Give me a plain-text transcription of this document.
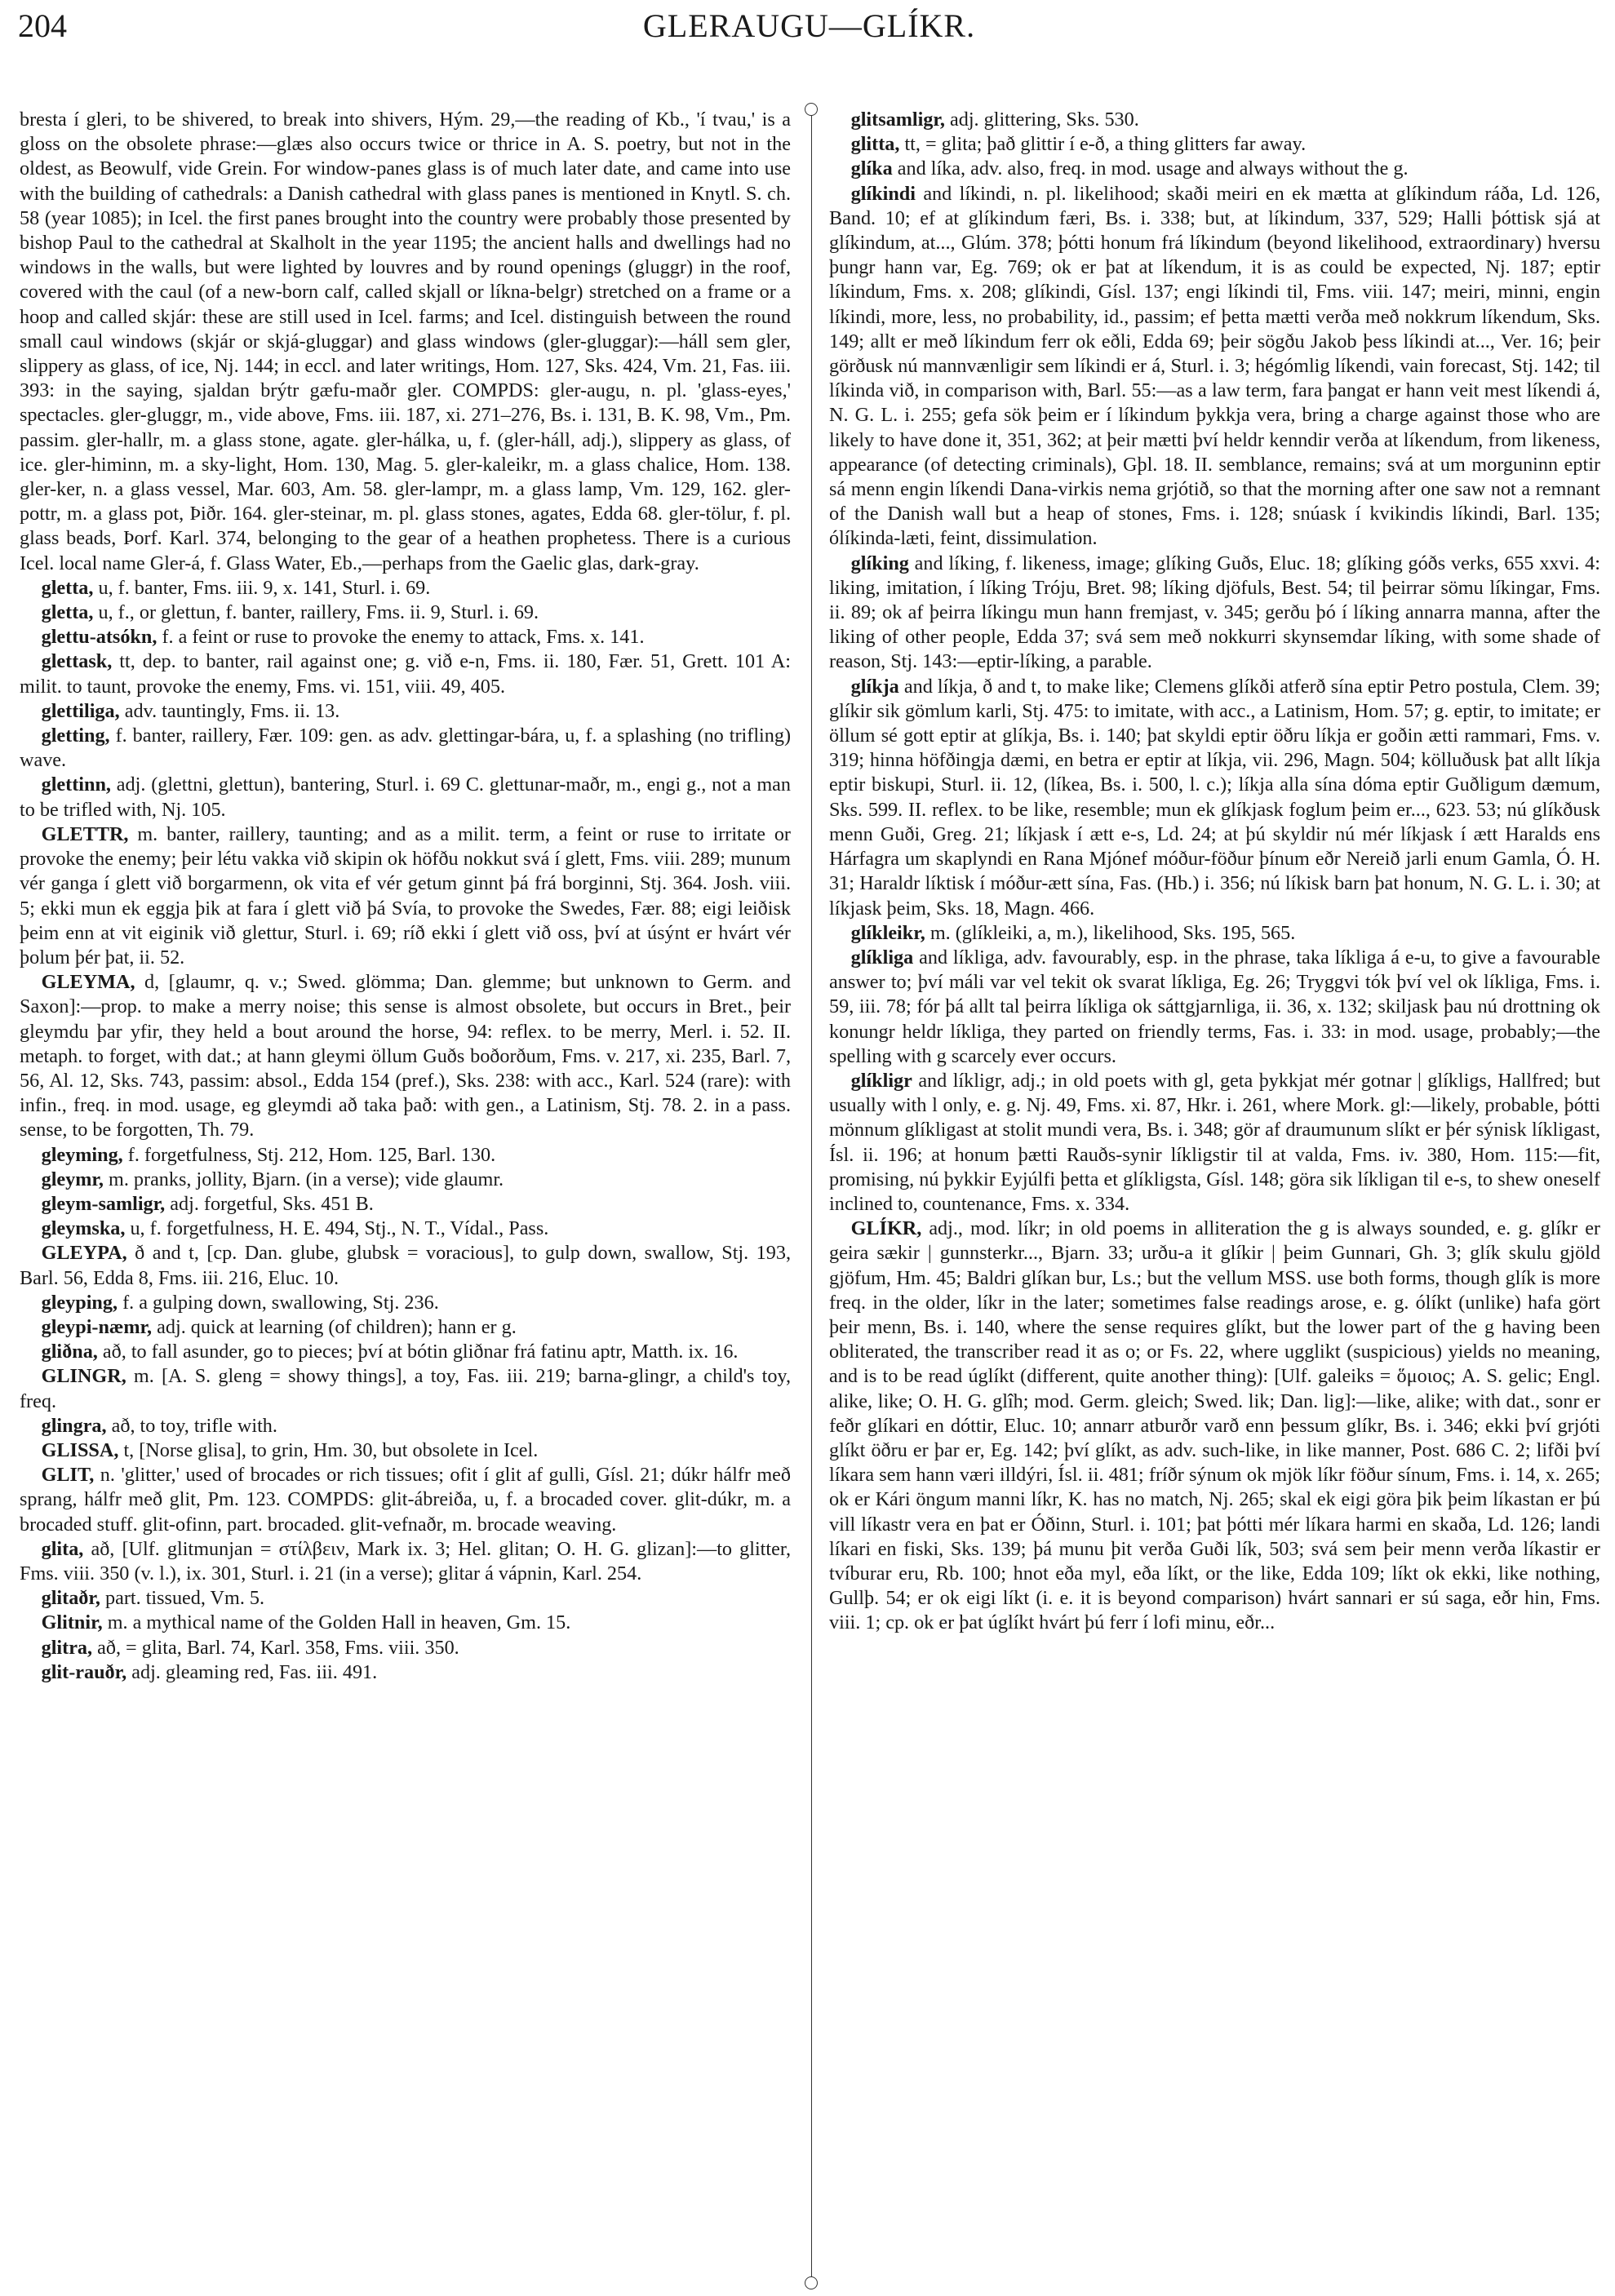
204	GLERAUGU—GLÍKR.

bresta í gleri, to be shivered, to break into shivers, Hým. 29,—the reading of Kb., 'í tvau,' is a gloss on the obsolete phrase:—glæs also occurs twice or thrice in A. S. poetry, but not in the oldest, as Beowulf, vide Grein. For window-panes glass is of much later date, and came into use with the building of cathedrals: a Danish cathedral with glass panes is mentioned in Knytl. S. ch. 58 (year 1085); in Icel. the first panes brought into the country were probably those presented by bishop Paul to the cathedral at Skalholt in the year 1195; the ancient halls and dwellings had no windows in the walls, but were lighted by louvres and by round openings (gluggr) in the roof, covered with the caul (of a new-born calf, called skjall or líkna-belgr) stretched on a frame or a hoop and called skjár: these are still used in Icel. farms; and Icel. distinguish between the round small caul windows (skjár or skjá-gluggar) and glass windows (gler-gluggar):—háll sem gler, slippery as glass, of ice, Nj. 144; in eccl. and later writings, Hom. 127, Sks. 424, Vm. 21, Fas. iii. 393: in the saying, sjaldan brýtr gæfu-maðr gler. COMPDS: gler-augu, n. pl. 'glass-eyes,' spectacles. gler-gluggr, m., vide above, Fms. iii. 187, xi. 271–276, Bs. i. 131, B. K. 98, Vm., Pm. passim. gler-hallr, m. a glass stone, agate. gler-hálka, u, f. (gler-háll, adj.), slippery as glass, of ice. gler-himinn, m. a sky-light, Hom. 130, Mag. 5. gler-kaleikr, m. a glass chalice, Hom. 138. gler-ker, n. a glass vessel, Mar. 603, Am. 58. gler-lampr, m. a glass lamp, Vm. 129, 162. gler-pottr, m. a glass pot, Þiðr. 164. gler-steinar, m. pl. glass stones, agates, Edda 68. gler-tölur, f. pl. glass beads, Þorf. Karl. 374, belonging to the gear of a heathen prophetess. There is a curious Icel. local name Gler-á, f. Glass Water, Eb.,—perhaps from the Gaelic glas, dark-gray.

gletta, u, f. banter, Fms. iii. 9, x. 141, Sturl. i. 69.

gletta, u, f., or glettun, f. banter, raillery, Fms. ii. 9, Sturl. i. 69.

glettu-atsókn, f. a feint or ruse to provoke the enemy to attack, Fms. x. 141.

glettask, tt, dep. to banter, rail against one; g. við e-n, Fms. ii. 180, Fær. 51, Grett. 101 A: milit. to taunt, provoke the enemy, Fms. vi. 151, viii. 49, 405.

glettiliga, adv. tauntingly, Fms. ii. 13.

gletting, f. banter, raillery, Fær. 109: gen. as adv. glettingar-bára, u, f. a splashing (no trifling) wave.

glettinn, adj. (glettni, glettun), bantering, Sturl. i. 69 C. glettunar-maðr, m., engi g., not a man to be trifled with, Nj. 105.

GLETTR, m. banter, raillery, taunting; and as a milit. term, a feint or ruse to irritate or provoke the enemy; þeir létu vakka við skipin ok höfðu nokkut svá í glett, Fms. viii. 289; munum vér ganga í glett við borgarmenn, ok vita ef vér getum ginnt þá frá borginni, Stj. 364. Josh. viii. 5; ekki mun ek eggja þik at fara í glett við þá Svía, to provoke the Swedes, Fær. 88; eigi leiðisk þeim enn at vit eiginik við glettur, Sturl. i. 69; ríð ekki í glett við oss, því at úsýnt er hvárt vér þolum þér þat, ii. 52.

GLEYMA, d, [glaumr, q. v.; Swed. glömma; Dan. glemme; but unknown to Germ. and Saxon]:—prop. to make a merry noise; this sense is almost obsolete, but occurs in Bret., þeir gleymdu þar yfir, they held a bout around the horse, 94: reflex. to be merry, Merl. i. 52. II. metaph. to forget, with dat.; at hann gleymi öllum Guðs boðorðum, Fms. v. 217, xi. 235, Barl. 7, 56, Al. 12, Sks. 743, passim: absol., Edda 154 (pref.), Sks. 238: with acc., Karl. 524 (rare): with infin., freq. in mod. usage, eg gleymdi að taka það: with gen., a Latinism, Stj. 78. 2. in a pass. sense, to be forgotten, Th. 79.

gleyming, f. forgetfulness, Stj. 212, Hom. 125, Barl. 130.

gleymr, m. pranks, jollity, Bjarn. (in a verse); vide glaumr.

gleym-samligr, adj. forgetful, Sks. 451 B.

gleymska, u, f. forgetfulness, H. E. 494, Stj., N. T., Vídal., Pass.

GLEYPA, ð and t, [cp. Dan. glube, glubsk = voracious], to gulp down, swallow, Stj. 193, Barl. 56, Edda 8, Fms. iii. 216, Eluc. 10.

gleyping, f. a gulping down, swallowing, Stj. 236.

gleypi-næmr, adj. quick at learning (of children); hann er g.

gliðna, að, to fall asunder, go to pieces; því at bótin gliðnar frá fatinu aptr, Matth. ix. 16.

GLINGR, m. [A. S. gleng = showy things], a toy, Fas. iii. 219; barna-glingr, a child's toy, freq.

glingra, að, to toy, trifle with.

GLISSA, t, [Norse glisa], to grin, Hm. 30, but obsolete in Icel.

GLIT, n. 'glitter,' used of brocades or rich tissues; ofit í glit af gulli, Gísl. 21; dúkr hálfr með sprang, hálfr með glit, Pm. 123. COMPDS: glit-ábreiða, u, f. a brocaded cover. glit-dúkr, m. a brocaded stuff. glit-ofinn, part. brocaded. glit-vefnaðr, m. brocade weaving.

glita, að, [Ulf. glitmunjan = στίλβειν, Mark ix. 3; Hel. glitan; O. H. G. glizan]:—to glitter, Fms. viii. 350 (v. l.), ix. 301, Sturl. i. 21 (in a verse); glitar á vápnin, Karl. 254.

glitaðr, part. tissued, Vm. 5.

Glitnir, m. a mythical name of the Golden Hall in heaven, Gm. 15.

glitra, að, = glita, Barl. 74, Karl. 358, Fms. viii. 350.

glit-rauðr, adj. gleaming red, Fas. iii. 491.

glitsamligr, adj. glittering, Sks. 530.

glitta, tt, = glita; það glittir í e-ð, a thing glitters far away.

glíka and líka, adv. also, freq. in mod. usage and always without the g.

glíkindi and líkindi, n. pl. likelihood; skaði meiri en ek mætta at glíkindum ráða, Ld. 126, Band. 10; ef at glíkindum færi, Bs. i. 338; but, at líkindum, 337, 529; Halli þóttisk sjá at glíkindum, at..., Glúm. 378; þótti honum frá líkindum (beyond likelihood, extraordinary) hversu þungr hann var, Eg. 769; ok er þat at líkendum, it is as could be expected, Nj. 187; eptir líkindum, Fms. x. 208; glíkindi, Gísl. 137; engi líkindi til, Fms. viii. 147; meiri, minni, engin líkindi, more, less, no probability, id., passim; ef þetta mætti verða með nokkrum líkendum, Sks. 149; allt er með líkindum ferr ok eðli, Edda 69; þeir sögðu Jakob þess líkindi at..., Ver. 16; þeir görðusk nú mannvænligir sem líkindi er á, Sturl. i. 3; hégómlig líkendi, vain forecast, Stj. 142; til líkinda við, in comparison with, Barl. 55:—as a law term, fara þangat er hann veit mest líkendi á, N. G. L. i. 255; gefa sök þeim er í líkindum þykkja vera, bring a charge against those who are likely to have done it, 351, 362; at þeir mætti því heldr kenndir verða at líkendum, from likeness, appearance (of detecting criminals), Gþl. 18. II. semblance, remains; svá at um morguninn eptir sá menn engin líkendi Dana-virkis nema grjótið, so that the morning after one saw not a remnant of the Danish wall but a heap of stones, Fms. i. 128; snúask í kvikindis líkindi, Barl. 135; ólíkinda-læti, feint, dissimulation.

glíking and líking, f. likeness, image; glíking Guðs, Eluc. 18; glíking góðs verks, 655 xxvi. 4: liking, imitation, í líking Tróju, Bret. 98; líking djöfuls, Best. 54; til þeirrar sömu líkingar, Fms. ii. 89; ok af þeirra líkingu mun hann fremjast, v. 345; gerðu þó í líking annarra manna, after the liking of other people, Edda 37; svá sem með nokkurri skynsemdar líking, with some shade of reason, Stj. 143:—eptir-líking, a parable.

glíkja and líkja, ð and t, to make like; Clemens glíkði atferð sína eptir Petro postula, Clem. 39; glíkir sik gömlum karli, Stj. 475: to imitate, with acc., a Latinism, Hom. 57; g. eptir, to imitate; er öllum sé gott eptir at glíkja, Bs. i. 140; þat skyldi eptir öðru líkja er goðin ætti rammari, Fms. v. 319; hinna höfðingja dæmi, en betra er eptir at líkja, vii. 296, Magn. 504; kölluðusk þat allt líkja eptir biskupi, Sturl. ii. 12, (líkea, Bs. i. 500, l. c.); líkja alla sína dóma eptir Guðligum dæmum, Sks. 599. II. reflex. to be like, resemble; mun ek glíkjask foglum þeim er..., 623. 53; nú glíkðusk menn Guði, Greg. 21; líkjask í ætt e-s, Ld. 24; at þú skyldir nú mér líkjask í ætt Haralds ens Hárfagra um skaplyndi en Rana Mjónef móður-föður þínum eðr Nereið jarli enum Gamla, Ó. H. 31; Haraldr líktisk í móður-ætt sína, Fas. (Hb.) i. 356; nú líkisk barn þat honum, N. G. L. i. 30; at líkjask þeim, Sks. 18, Magn. 466.

glíkleikr, m. (glíkleiki, a, m.), likelihood, Sks. 195, 565.

glíkliga and líkliga, adv. favourably, esp. in the phrase, taka líkliga á e-u, to give a favourable answer to; því máli var vel tekit ok svarat líkliga, Eg. 26; Tryggvi tók því vel ok líkliga, Fms. i. 59, iii. 78; fór þá allt tal þeirra líkliga ok sáttgjarnliga, ii. 36, x. 132; skiljask þau nú drottning ok konungr heldr líkliga, they parted on friendly terms, Fas. i. 33: in mod. usage, probably;—the spelling with g scarcely ever occurs.

glíkligr and líkligr, adj.; in old poets with gl, geta þykkjat mér gotnar | glíkligs, Hallfred; but usually with l only, e. g. Nj. 49, Fms. xi. 87, Hkr. i. 261, where Mork. gl:—likely, probable, þótti mönnum glíkligast at stolit mundi vera, Bs. i. 348; gör af draumunum slíkt er þér sýnisk líkligast, Ísl. ii. 196; at honum þætti Rauðs-synir líkligstir til at valda, Fms. iv. 380, Hom. 115:—fit, promising, nú þykkir Eyjúlfi þetta et glíkligsta, Gísl. 148; göra sik líkligan til e-s, to shew oneself inclined to, countenance, Fms. x. 334.

GLÍKR, adj., mod. líkr; in old poems in alliteration the g is always sounded, e. g. glíkr er geira sækir | gunnsterkr..., Bjarn. 33; urðu-a it glíkir | þeim Gunnari, Gh. 3; glík skulu gjöld gjöfum, Hm. 45; Baldri glíkan bur, Ls.; but the vellum MSS. use both forms, though glík is more freq. in the older, líkr in the later; sometimes false readings arose, e. g. ólíkt (unlike) hafa gört þeir menn, Bs. i. 140, where the sense requires glíkt, but the lower part of the g having been obliterated, the transcriber read it as o; or Fs. 22, where ugglikt (suspicious) yields no meaning, and is to be read úglíkt (different, quite another thing): [Ulf. galeiks = ὅμοιος; A. S. gelic; Engl. alike, like; O. H. G. glîh; mod. Germ. gleich; Swed. lik; Dan. lig]:—like, alike; with dat., sonr er feðr glíkari en dóttir, Eluc. 10; annarr atburðr varð enn þessum glíkr, Bs. i. 346; ekki því grjóti glíkt öðru er þar er, Eg. 142; því glíkt, as adv. such-like, in like manner, Post. 686 C. 2; lifði því líkara sem hann væri illdýri, Ísl. ii. 481; fríðr sýnum ok mjök líkr föður sínum, Fms. i. 14, x. 265; ok er Kári öngum manni líkr, K. has no match, Nj. 265; skal ek eigi göra þik þeim líkastan er þú vill líkastr vera en þat er Óðinn, Sturl. i. 101; þat þótti mér líkara harmi en skaða, Ld. 126; landi líkari en fiski, Sks. 139; þá munu þit verða Guði lík, 503; svá sem þeir menn verða líkastir er tvíburar eru, Rb. 100; hnot eða myl, eða líkt, or the like, Edda 109; líkt ok ekki, like nothing, Gullþ. 54; er ok eigi líkt (i. e. it is beyond comparison) hvárt sannari er sú saga, eðr hin, Fms. viii. 1; cp. ok er þat úglíkt hvárt þú ferr í lofi minu, eðr...
